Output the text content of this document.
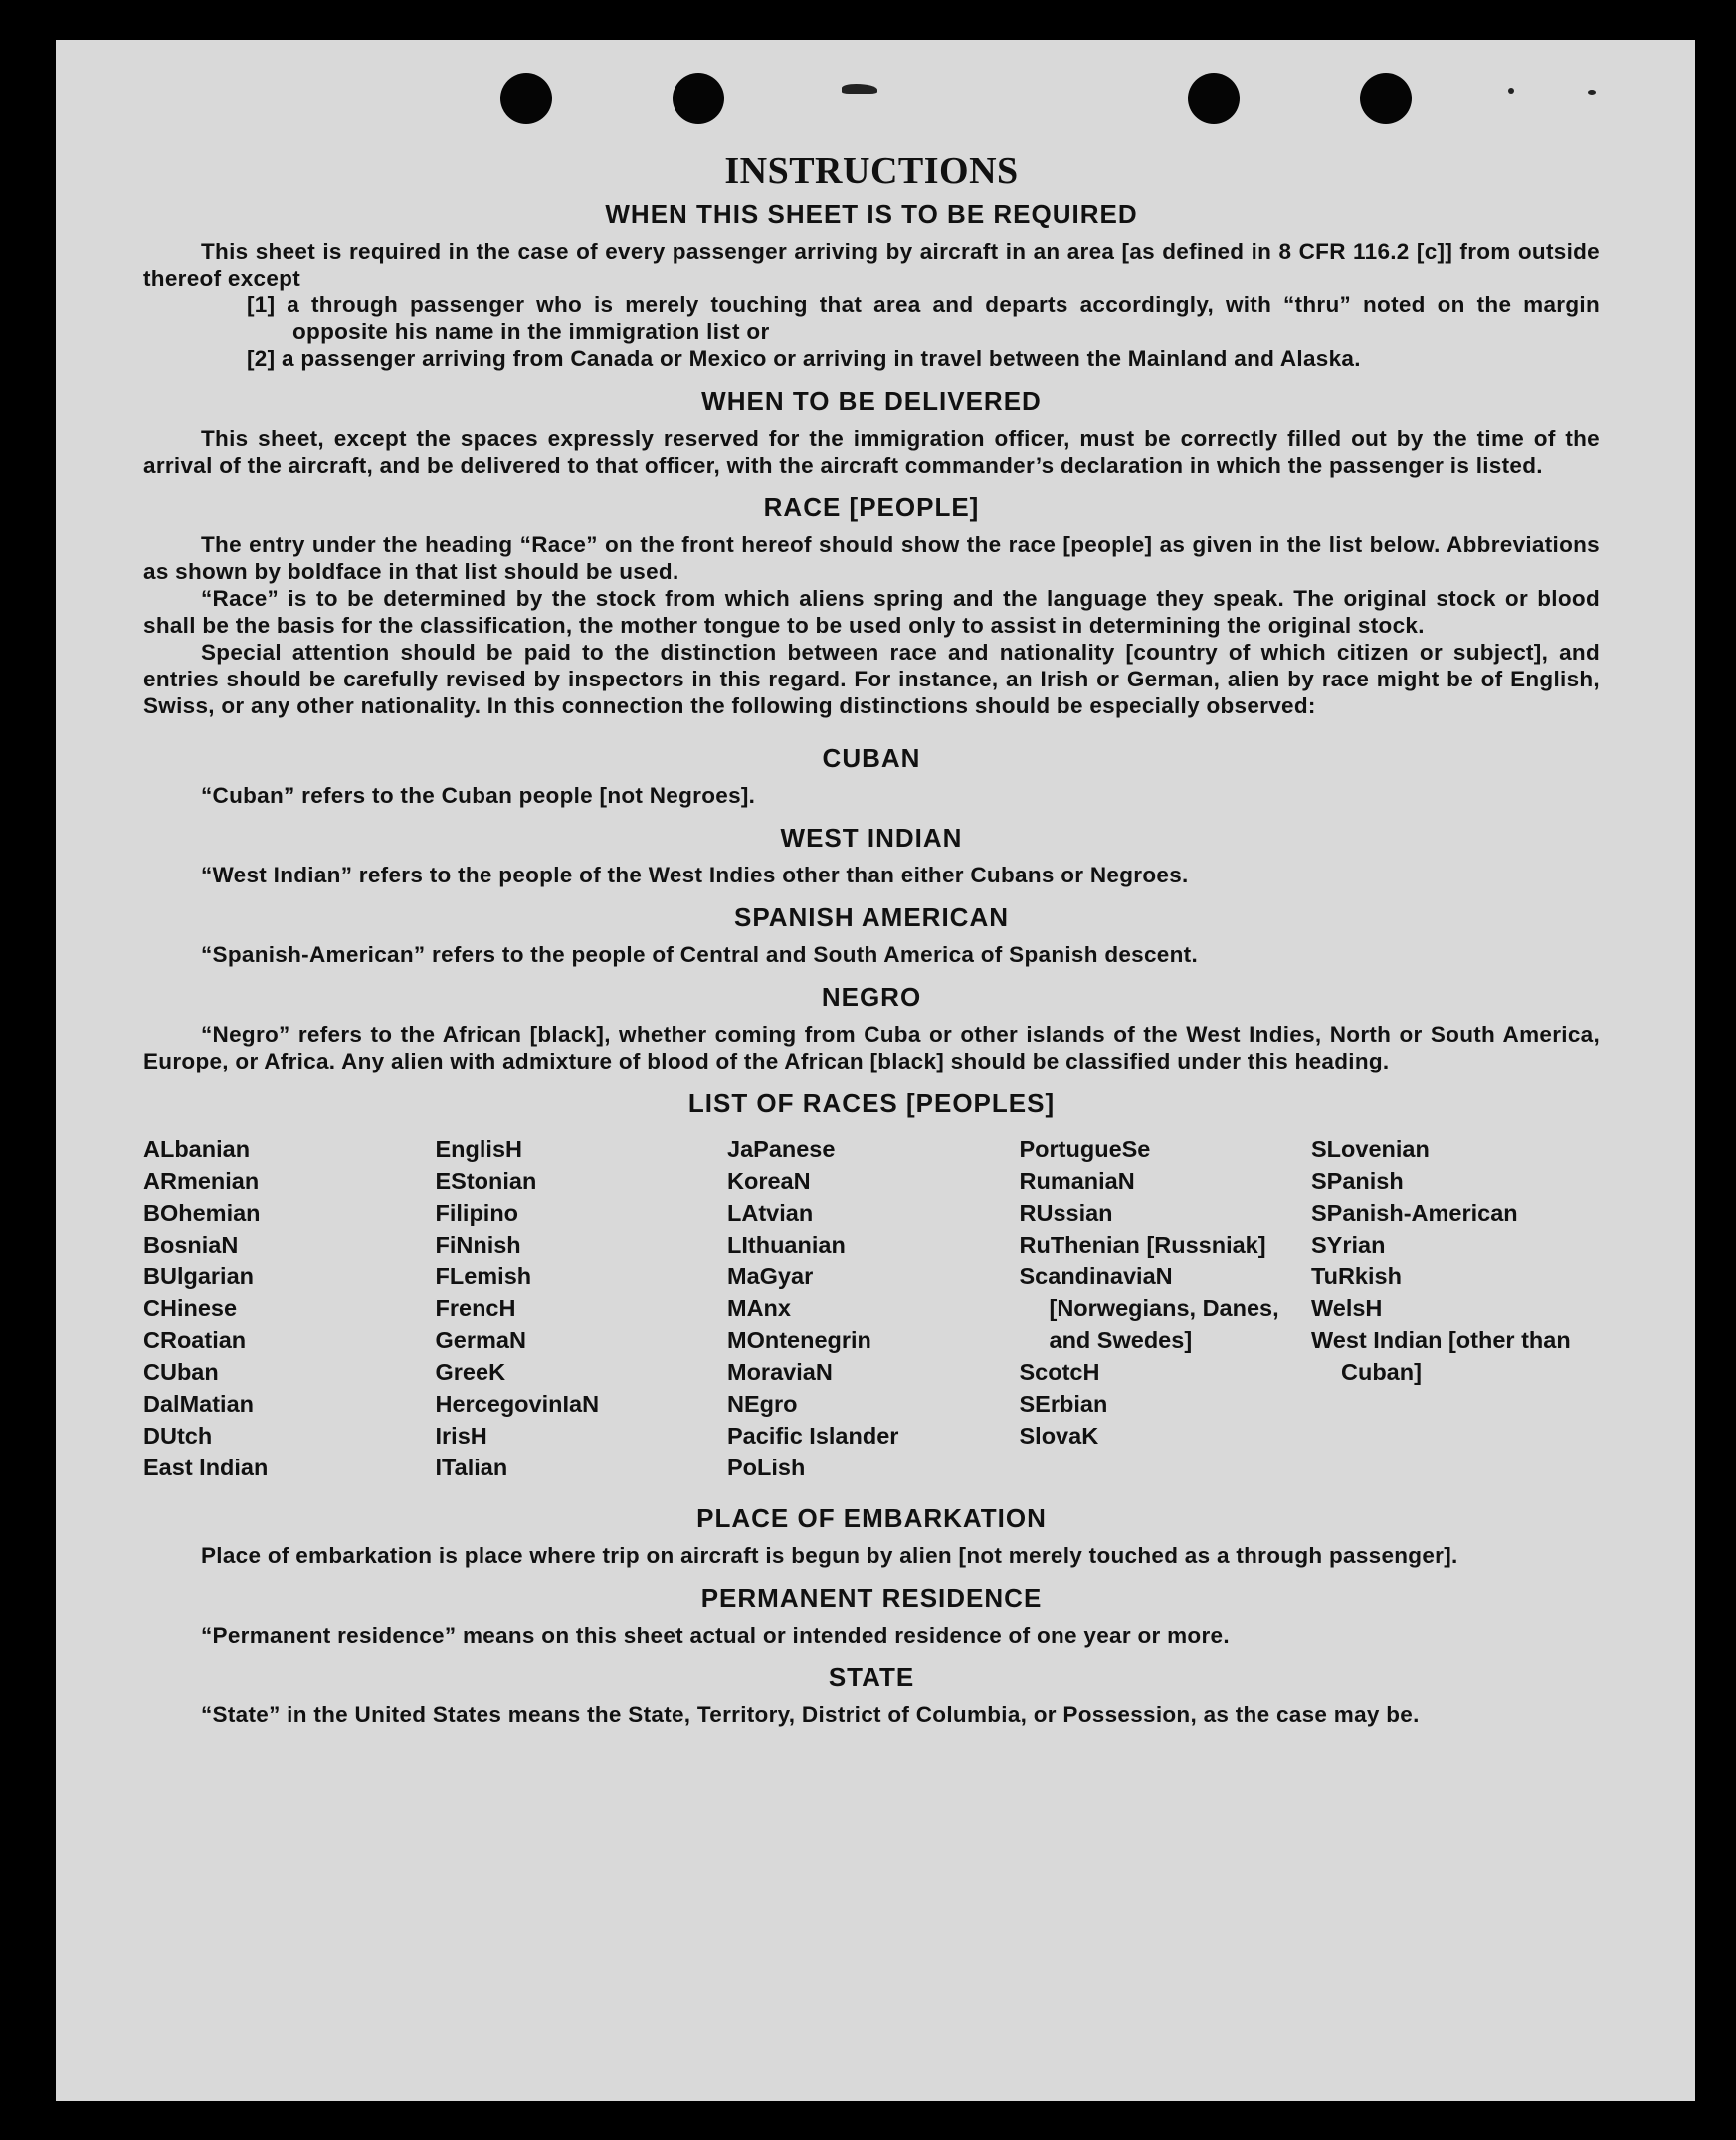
INSTRUCTIONS
WHEN THIS SHEET IS TO BE REQUIRED

This sheet is required in the case of every passenger arriving by aircraft in an area [as defined in 8 CFR 116.2 [c]] from outside thereof except

[1] a through passenger who is merely touching that area and departs accordingly, with “thru” noted on the margin opposite his name in the immigration list or

[2] a passenger arriving from Canada or Mexico or arriving in travel between the Mainland and Alaska.

WHEN TO BE DELIVERED

This sheet, except the spaces expressly reserved for the immigration officer, must be correctly filled out by the time of the arrival of the aircraft, and be delivered to that officer, with the aircraft commander’s declaration in which the passenger is listed.

RACE [PEOPLE]

The entry under the heading “Race” on the front hereof should show the race [people] as given in the list below. Abbreviations as shown by boldface in that list should be used.

“Race” is to be determined by the stock from which aliens spring and the language they speak. The original stock or blood shall be the basis for the classification, the mother tongue to be used only to assist in determining the original stock.

Special attention should be paid to the distinction between race and nationality [country of which citizen or subject], and entries should be carefully revised by inspectors in this regard. For instance, an Irish or German, alien by race might be of English, Swiss, or any other nationality. In this connection the following distinctions should be especially observed:

CUBAN

“Cuban” refers to the Cuban people [not Negroes].

WEST INDIAN

“West Indian” refers to the people of the West Indies other than either Cubans or Negroes.

SPANISH AMERICAN

“Spanish-American” refers to the people of Central and South America of Spanish descent.

NEGRO

“Negro” refers to the African [black], whether coming from Cuba or other islands of the West Indies, North or South America, Europe, or Africa. Any alien with admixture of blood of the African [black] should be classified under this heading.

LIST OF RACES [PEOPLES]
ALbanian
ARmenian
BOhemian
BosniaN
BUlgarian
CHinese
CRoatian
CUban
DalMatian
DUtch
East Indian
EnglisH
EStonian
Filipino
FiNnish
FLemish
FrencH
GermaN
GreeK
HercegovinIaN
IrisH
ITalian
JaPanese
KoreaN
LAtvian
LIthuanian
MaGyar
MAnx
MOntenegrin
MoraviaN
NEgro
Pacific Islander
PoLish
PortugueSe
RumaniaN
RUssian
RuThenian [Russniak]
ScandinaviaN [Norwegians, Danes, and Swedes]
ScotcH
SErbian
SlovaK
SLovenian
SPanish
SPanish-American
SYrian
TuRkish
WelsH
West Indian [other than Cuban]
PLACE OF EMBARKATION

Place of embarkation is place where trip on aircraft is begun by alien [not merely touched as a through passenger].

PERMANENT RESIDENCE

“Permanent residence” means on this sheet actual or intended residence of one year or more.

STATE

“State” in the United States means the State, Territory, District of Columbia, or Possession, as the case may be.
